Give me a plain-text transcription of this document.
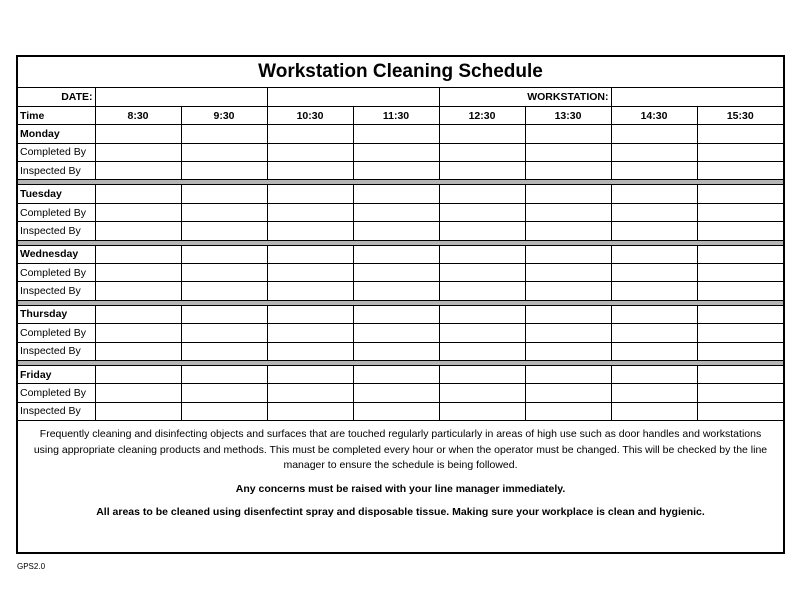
Workstation Cleaning Schedule
DATE:					WORKSTATION:			
Time	8:30	9:30	10:30	11:30	12:30	13:30	14:30	15:30
Monday								
Completed By								
Inspected By								

Tuesday								
Completed By								
Inspected By								

Wednesday								
Completed By								
Inspected By								

Thursday								
Completed By								
Inspected By								

Friday								
Completed By								
Inspected By								

Frequently cleaning and disinfecting objects and surfaces that are touched regularly particularly in areas of high use such as door handles and workstations using appropriate cleaning products and methods. This must be completed every hour or when the operator must be changed. This will be checked by the line manager to ensure the schedule is being followed.

Any concerns must be raised with your line manager immediately.

All areas to be cleaned using disenfectint spray and disposable tissue. Making sure your workplace is clean and hygienic.

GPS2.0
